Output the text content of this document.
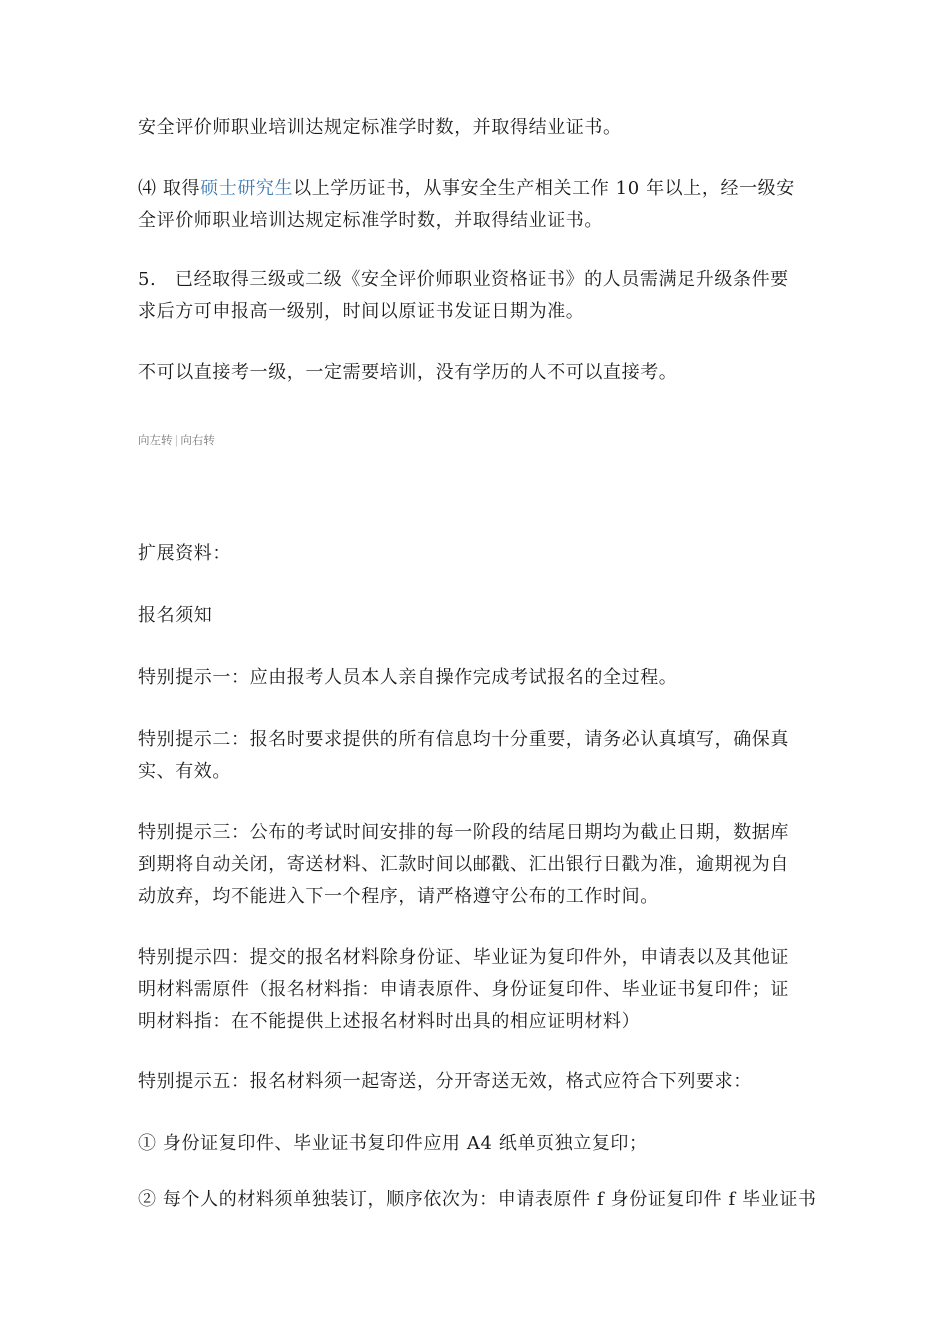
安全评价师职业培训达规定标准学时数，并取得结业证书。
⑷ 取得硕士研究生以上学历证书，从事安全生产相关工作 10 年以上，经一级安
全评价师职业培训达规定标准学时数，并取得结业证书。
5.　已经取得三级或二级《安全评价师职业资格证书》的人员需满足升级条件要
求后方可申报高一级别，时间以原证书发证日期为准。
不可以直接考一级，一定需要培训，没有学历的人不可以直接考。
向左转 | 向右转
扩展资料：
报名须知
特别提示一：应由报考人员本人亲自操作完成考试报名的全过程。
特别提示二：报名时要求提供的所有信息均十分重要，请务必认真填写，确保真
实、有效。
特别提示三：公布的考试时间安排的每一阶段的结尾日期均为截止日期，数据库
到期将自动关闭，寄送材料、汇款时间以邮戳、汇出银行日戳为准，逾期视为自
动放弃，均不能进入下一个程序，请严格遵守公布的工作时间。
特别提示四：提交的报名材料除身份证、毕业证为复印件外，申请表以及其他证
明材料需原件（报名材料指：申请表原件、身份证复印件、毕业证书复印件；证
明材料指：在不能提供上述报名材料时出具的相应证明材料）
特别提示五：报名材料须一起寄送，分开寄送无效，格式应符合下列要求：
① 身份证复印件、毕业证书复印件应用 A4 纸单页独立复印；
② 每个人的材料须单独装订，顺序依次为：申请表原件 f 身份证复印件 f 毕业证书
